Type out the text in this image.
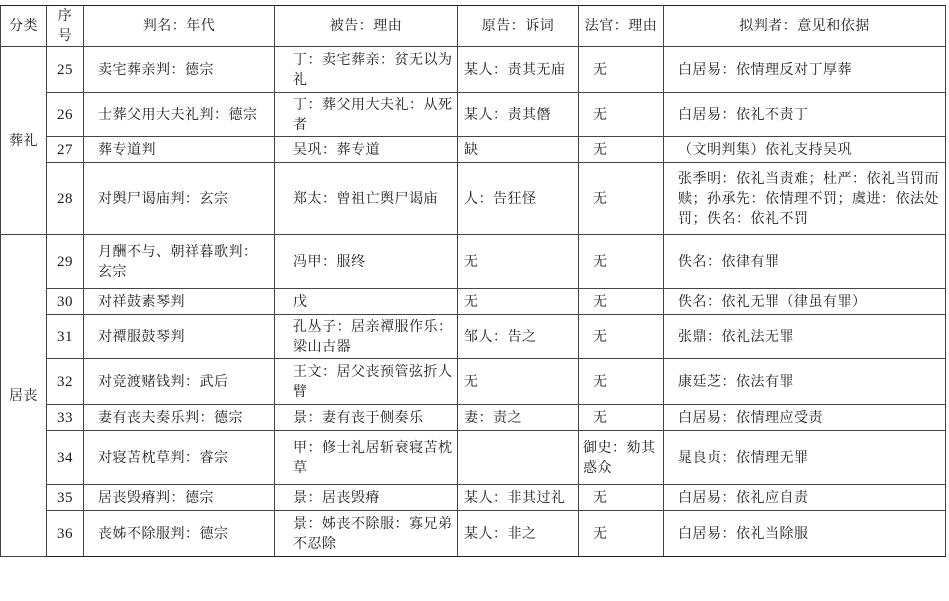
分类	序号	判名：年代	被告：理由	原告：诉词	法官：理由	拟判者：意见和依据
葬礼	25	卖宅葬亲判：德宗	丁：卖宅葬亲：贫无以为礼	某人：责其无庙	无	白居易：依情理反对丁厚葬
	26	士葬父用大夫礼判：德宗	丁：葬父用大夫礼：从死者	某人：责其僭	无	白居易：依礼不责丁
	27	葬专道判	吴巩：葬专道	缺	无	（文明判集）依礼支持吴巩
	28	对舆尸谒庙判：玄宗	郑太：曾祖亡舆尸谒庙	人：告狂怪	无	张季明：依礼当责难；杜严：依礼当罚而赎；孙承先：依情理不罚；虞进：依法处罚；佚名：依礼不罚
居丧	29	月酬不与、朝祥暮歌判：玄宗	冯甲：服终	无	无	佚名：依律有罪
	30	对祥鼓素琴判	戊	无	无	佚名：依礼无罪（律虽有罪）
	31	对禫服鼓琴判	孔丛子：居亲禫服作乐：梁山古器	邹人：告之	无	张鼎：依礼法无罪
	32	对竞渡赌钱判：武后	王文：居父丧预管弦折人臂	无	无	康廷芝：依法有罪
	33	妻有丧夫奏乐判：德宗	景：妻有丧于侧奏乐	妻：责之	无	白居易：依情理应受责
	34	对寝苫枕草判：睿宗	甲：修士礼居斩衰寝苫枕草		御史：劾其惑众	晁良贞：依情理无罪
	35	居丧毁瘠判：德宗	景：居丧毁瘠	某人：非其过礼	无	白居易：依礼应自责
	36	丧姊不除服判：德宗	景：姊丧不除服：寡兄弟不忍除	某人：非之	无	白居易：依礼当除服
